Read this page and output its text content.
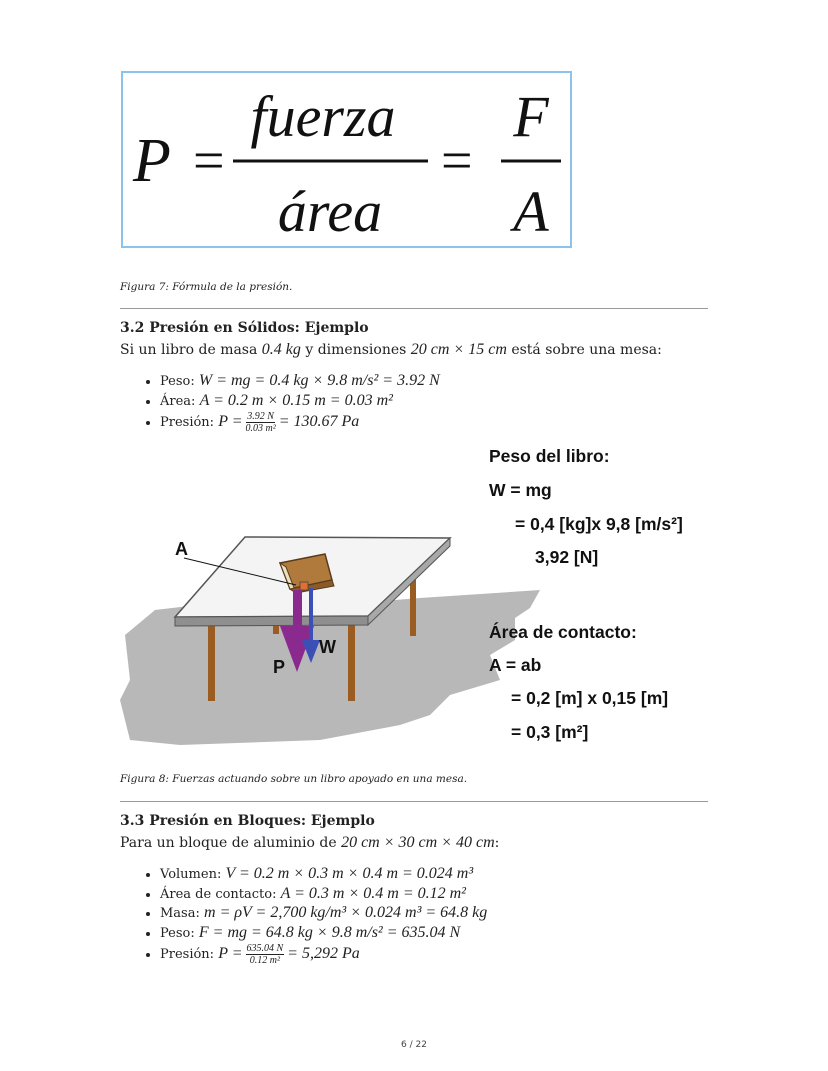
P =
fuerza
área
=
F
A
Figura 7: Fórmula de la presión.
3.2 Presión en Sólidos: Ejemplo
Si un libro de masa 0.4 kg y dimensiones 20 cm × 15 cm está sobre una mesa:
• Peso: W = mg = 0.4 kg × 9.8 m/s² = 3.92 N
• Área: A = 0.2 m × 0.15 m = 0.03 m²
• Presión: $P = \frac{3.92 N}{\text{0.03 m²}} = 130.67$ Pa
A
P
W
Peso del libro:
W = mg
= 0,4 [kg]x 9,8 [m/s²]
3,92 [N]
Área de contacto:
A = ab
= 0,2 [m] x 0,15 [m]
= 0,3 [m²]
Figura 8: Fuerzas actuando sobre un libro apoyado en una mesa.
3.3 Presión en Bloques: Ejemplo
Para un bloque de aluminio de 20 cm × 30 cm × 40 cm:
• Volumen: V = 0.2 m × 0.3 m × 0.4 m = 0.024 m³
• Área de contacto: A = 0.3 m × 0.4 m = 0.12 m²
• Masa: m = ρV = 2,700 kg/m³ × 0.024 m³ = 64.8 kg
• Peso: F = mg = 64.8 kg × 9.8 m/s² = 635.04 N
• Presión: $P = \frac{635.04 N}{\text{0.12 m²}} = 5,292$ Pa
6 / 22
